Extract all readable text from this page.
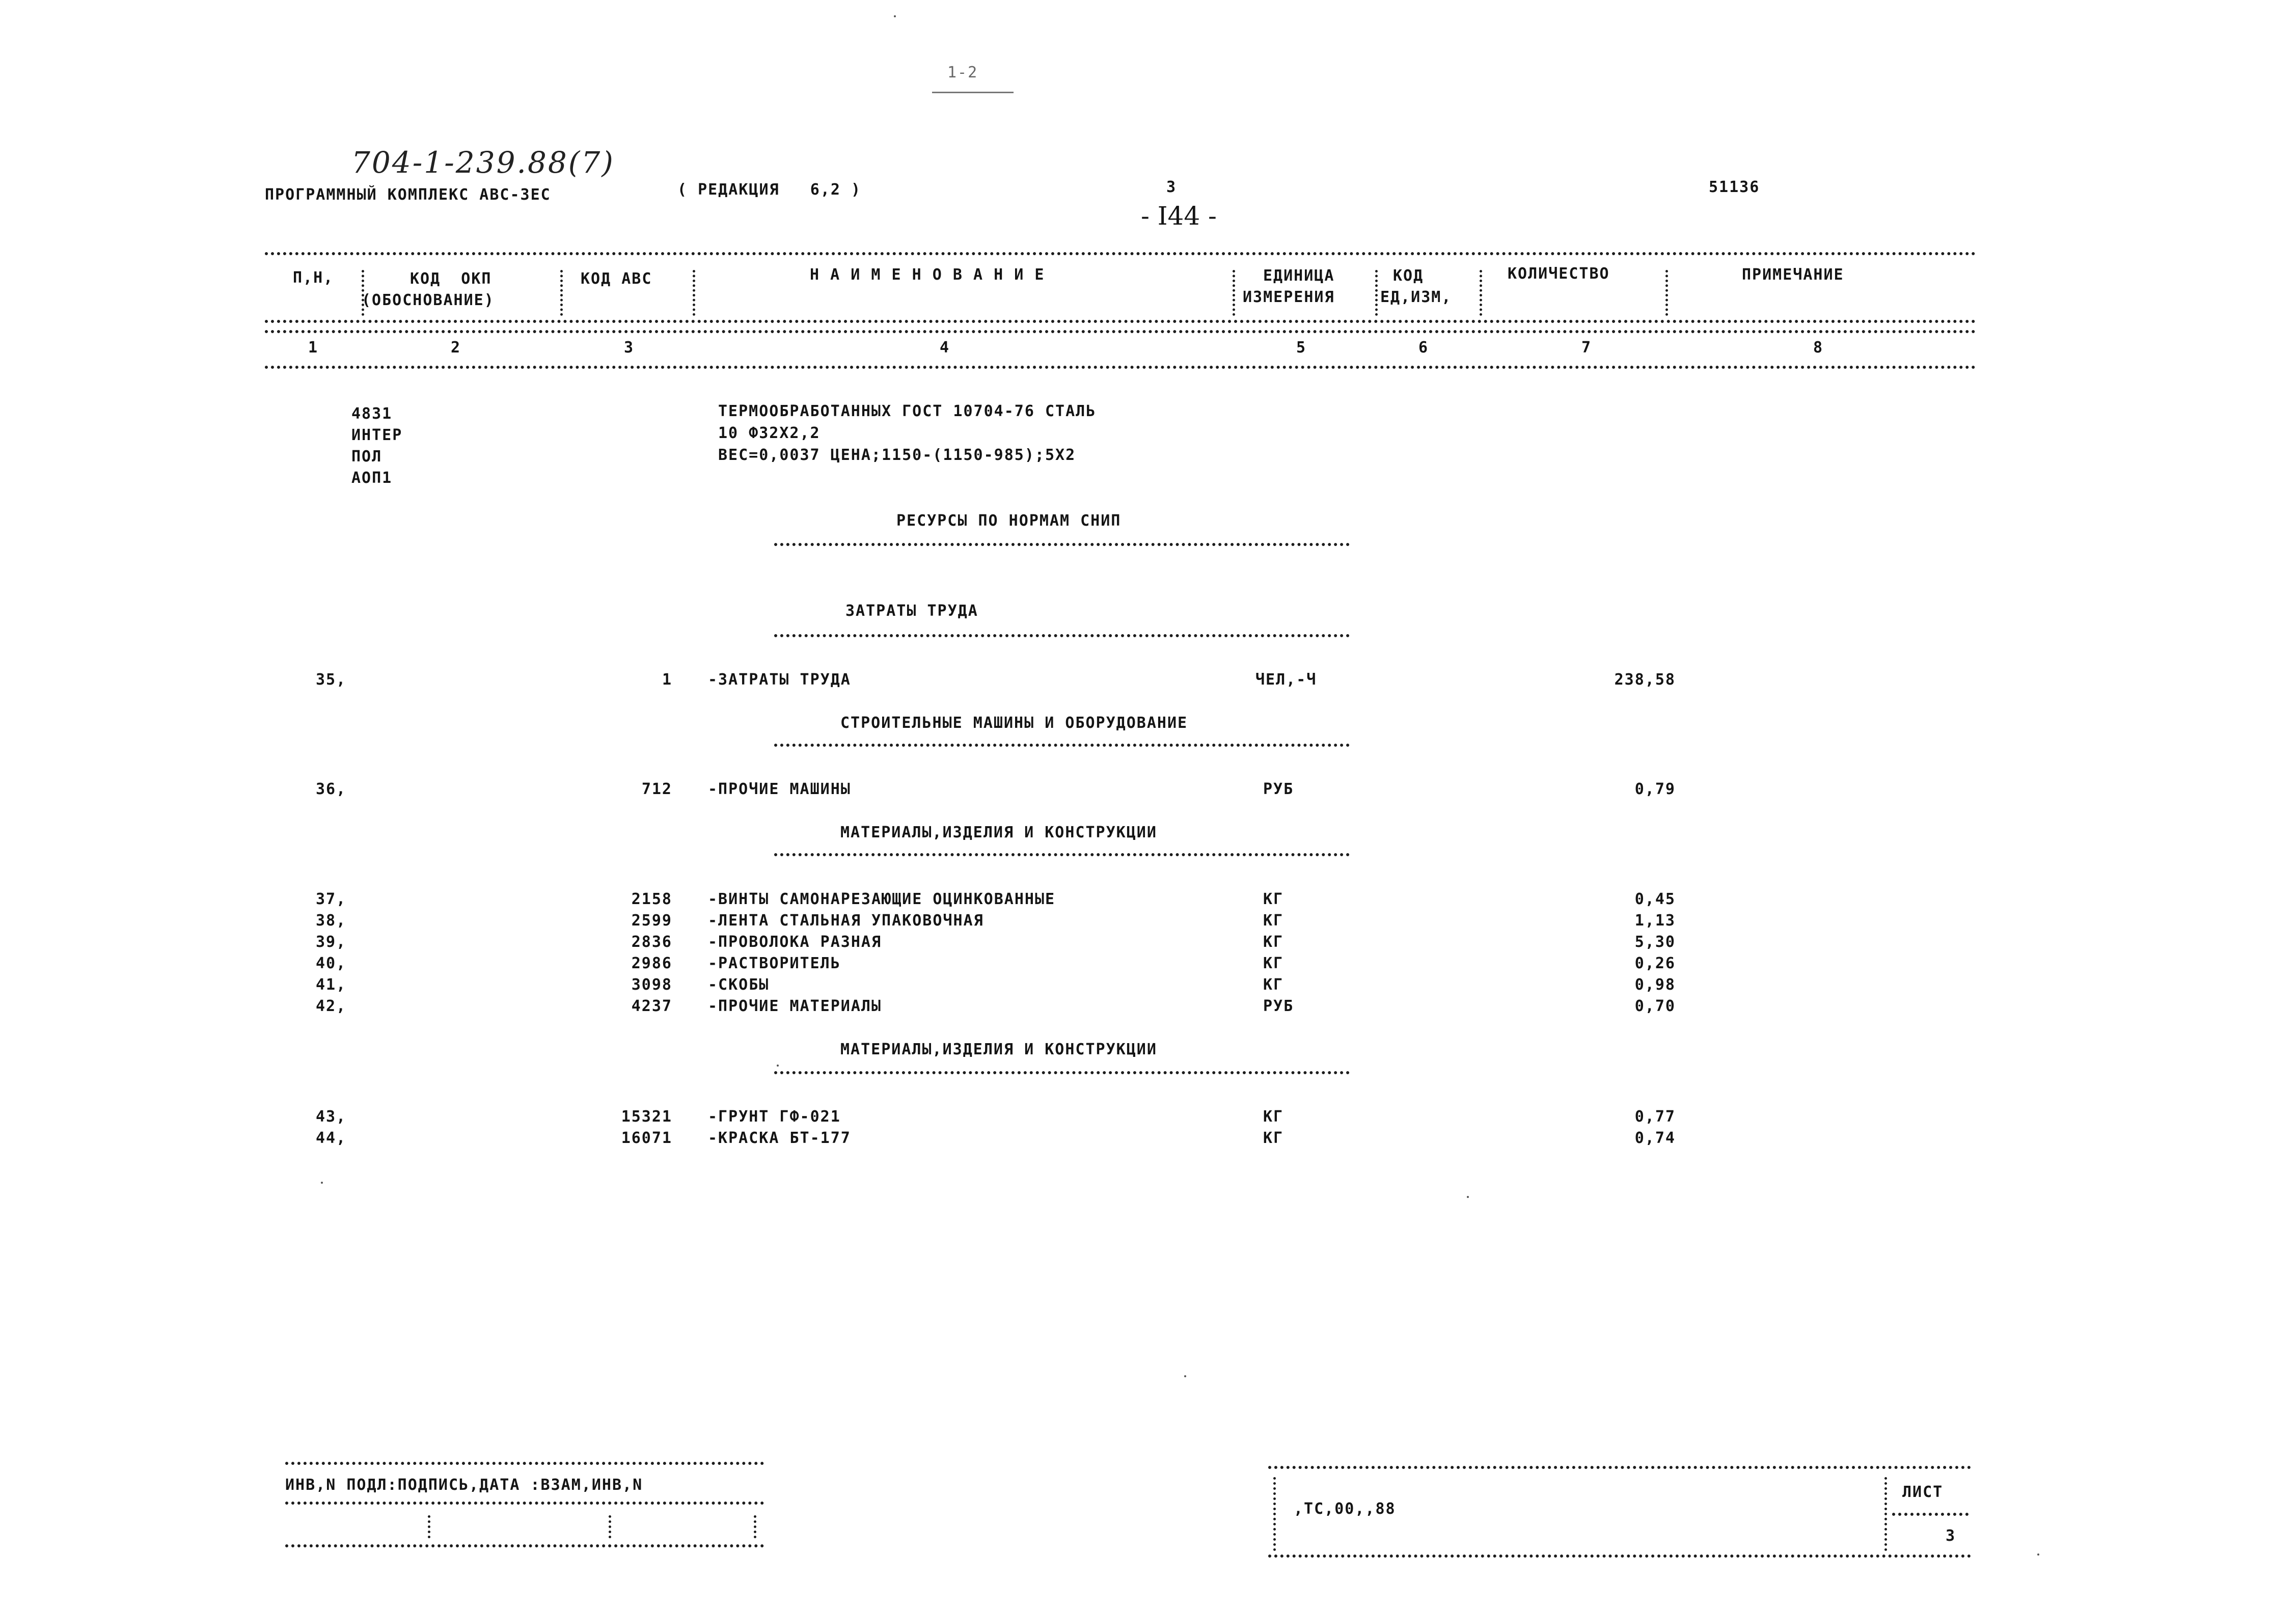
704-1-239.88(7)
1-2
ПРОГРАММНЫЙ КОМПЛЕКС АВС-ЗЕС	( РЕДАКЦИЯ   6,2 )	3
- I44 -
51136
П,Н,	КОД  ОКП
(ОБОСНОВАНИЕ)
КОД АВС	Н А И М Е Н О В А Н И Е	ЕДИНИЦА
ИЗМЕРЕНИЯ
КОД
ЕД,ИЗМ,
КОЛИЧЕСТВО	ПРИМЕЧАНИЕ
1	2	3	4	5	6	7	8
4831
ИНТЕР
ПОЛ
АОП1
ТЕРМООБРАБОТАННЫХ ГОСТ 10704-76 СТАЛЬ
10 Ф32Х2,2
ВЕС=0,0037 ЦЕНА;1150-(1150-985);5Х2
РЕСУРСЫ ПО НОРМАМ СНИП
ЗАТРАТЫ ТРУДА
35,	1 -ЗАТРАТЫ ТРУДА	ЧЕЛ,-Ч	238,58
СТРОИТЕЛЬНЫЕ МАШИНЫ И ОБОРУДОВАНИЕ
36,	712 -ПРОЧИЕ МАШИНЫ	РУБ	0,79
МАТЕРИАЛЫ,ИЗДЕЛИЯ И КОНСТРУКЦИИ
37,	2158 -ВИНТЫ САМОНАРЕЗАЮЩИЕ ОЦИНКОВАННЫЕ	КГ	0,45
38,	2599 -ЛЕНТА СТАЛЬНАЯ УПАКОВОЧНАЯ	КГ	1,13
39,	2836 -ПРОВОЛОКА РАЗНАЯ	КГ	5,30
40,	2986 -РАСТВОРИТЕЛЬ	КГ	0,26
41,	3098 -СКОБЫ	КГ	0,98
42,	4237 -ПРОЧИЕ МАТЕРИАЛЫ	РУБ	0,70
МАТЕРИАЛЫ,ИЗДЕЛИЯ И КОНСТРУКЦИИ
43,	15321 -ГРУНТ ГФ-021	КГ	0,77
44,	16071 -КРАСКА БТ-177	КГ	0,74
ИНВ,N ПОДЛ:ПОДПИСЬ,ДАТА :ВЗАМ,ИНВ,N
,TC,00,,88
ЛИСТ
3
